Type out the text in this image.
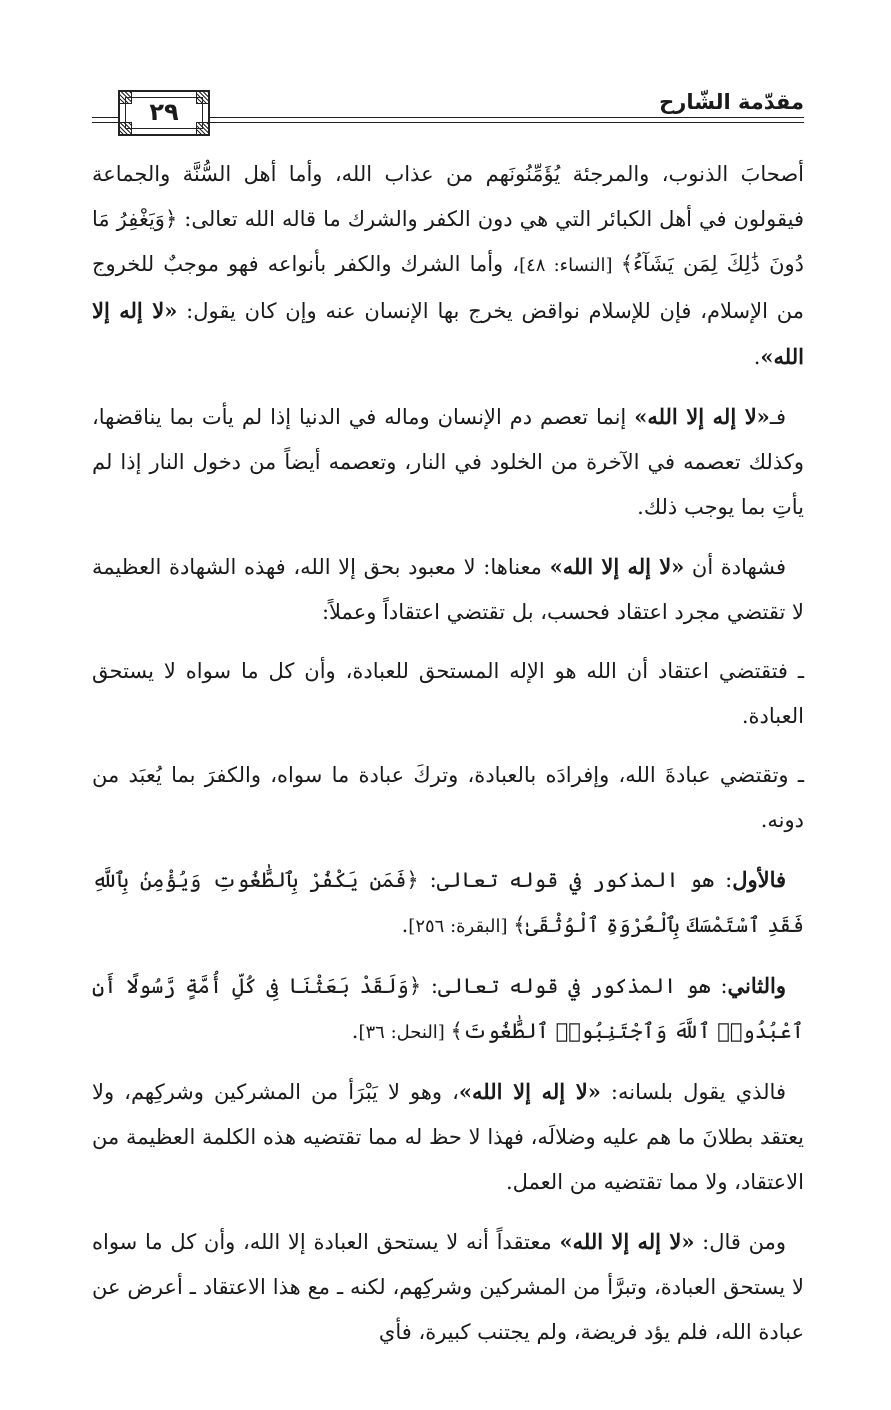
مقدّمة الشّارح
٢٩

أصحابَ الذنوب، والمرجئة يُؤَمِّنُونَهم من عذاب الله، وأما أهل السُّنَّة والجماعة فيقولون في أهل الكبائر التي هي دون الكفر والشرك ما قاله الله تعالى: ﴿وَيَغْفِرُ مَا دُونَ ذَٰلِكَ لِمَن يَشَآءُ﴾ [النساء: ٤٨]، وأما الشرك والكفر بأنواعه فهو موجبٌ للخروج من الإسلام، فإن للإسلام نواقض يخرج بها الإنسان عنه وإن كان يقول: «لا إله إلا الله».

فـ«لا إله إلا الله» إنما تعصم دم الإنسان وماله في الدنيا إذا لم يأت بما يناقضها، وكذلك تعصمه في الآخرة من الخلود في النار، وتعصمه أيضاً من دخول النار إذا لم يأتِ بما يوجب ذلك.

فشهادة أن «لا إله إلا الله» معناها: لا معبود بحق إلا الله، فهذه الشهادة العظيمة لا تقتضي مجرد اعتقاد فحسب، بل تقتضي اعتقاداً وعملاً:

ـ فتقتضي اعتقاد أن الله هو الإله المستحق للعبادة، وأن كل ما سواه لا يستحق العبادة.

ـ وتقتضي عبادةَ الله، وإفرادَه بالعبادة، وتركَ عبادة ما سواه، والكفرَ بما يُعبَد من دونه.

فالأول: هو المذكور في قوله تعالى: ﴿فَمَن يَكْفُرْ بِٱلطَّٰغُوتِ وَيُؤْمِنۢ بِٱللَّهِ فَقَدِ ٱسْتَمْسَكَ بِٱلْعُرْوَةِ ٱلْوُثْقَىٰ﴾ [البقرة: ٢٥٦].

والثاني: هو المذكور في قوله تعالى: ﴿وَلَقَدْ بَعَثْنَا فِى كُلِّ أُمَّةٍ رَّسُولًا أَنِ ٱعْبُدُوا۟ ٱللَّهَ وَٱجْتَنِبُوا۟ ٱلطَّٰغُوتَ﴾ [النحل: ٣٦].

فالذي يقول بلسانه: «لا إله إلا الله»، وهو لا يَبْرَأ من المشركين وشركِهم، ولا يعتقد بطلانَ ما هم عليه وضلالَه، فهذا لا حظ له مما تقتضيه هذه الكلمة العظيمة من الاعتقاد، ولا مما تقتضيه من العمل.

ومن قال: «لا إله إلا الله» معتقداً أنه لا يستحق العبادة إلا الله، وأن كل ما سواه لا يستحق العبادة، وتبرَّأ من المشركين وشركِهم، لكنه ـ مع هذا الاعتقاد ـ أعرض عن عبادة الله، فلم يؤد فريضة، ولم يجتنب كبيرة، فأي
